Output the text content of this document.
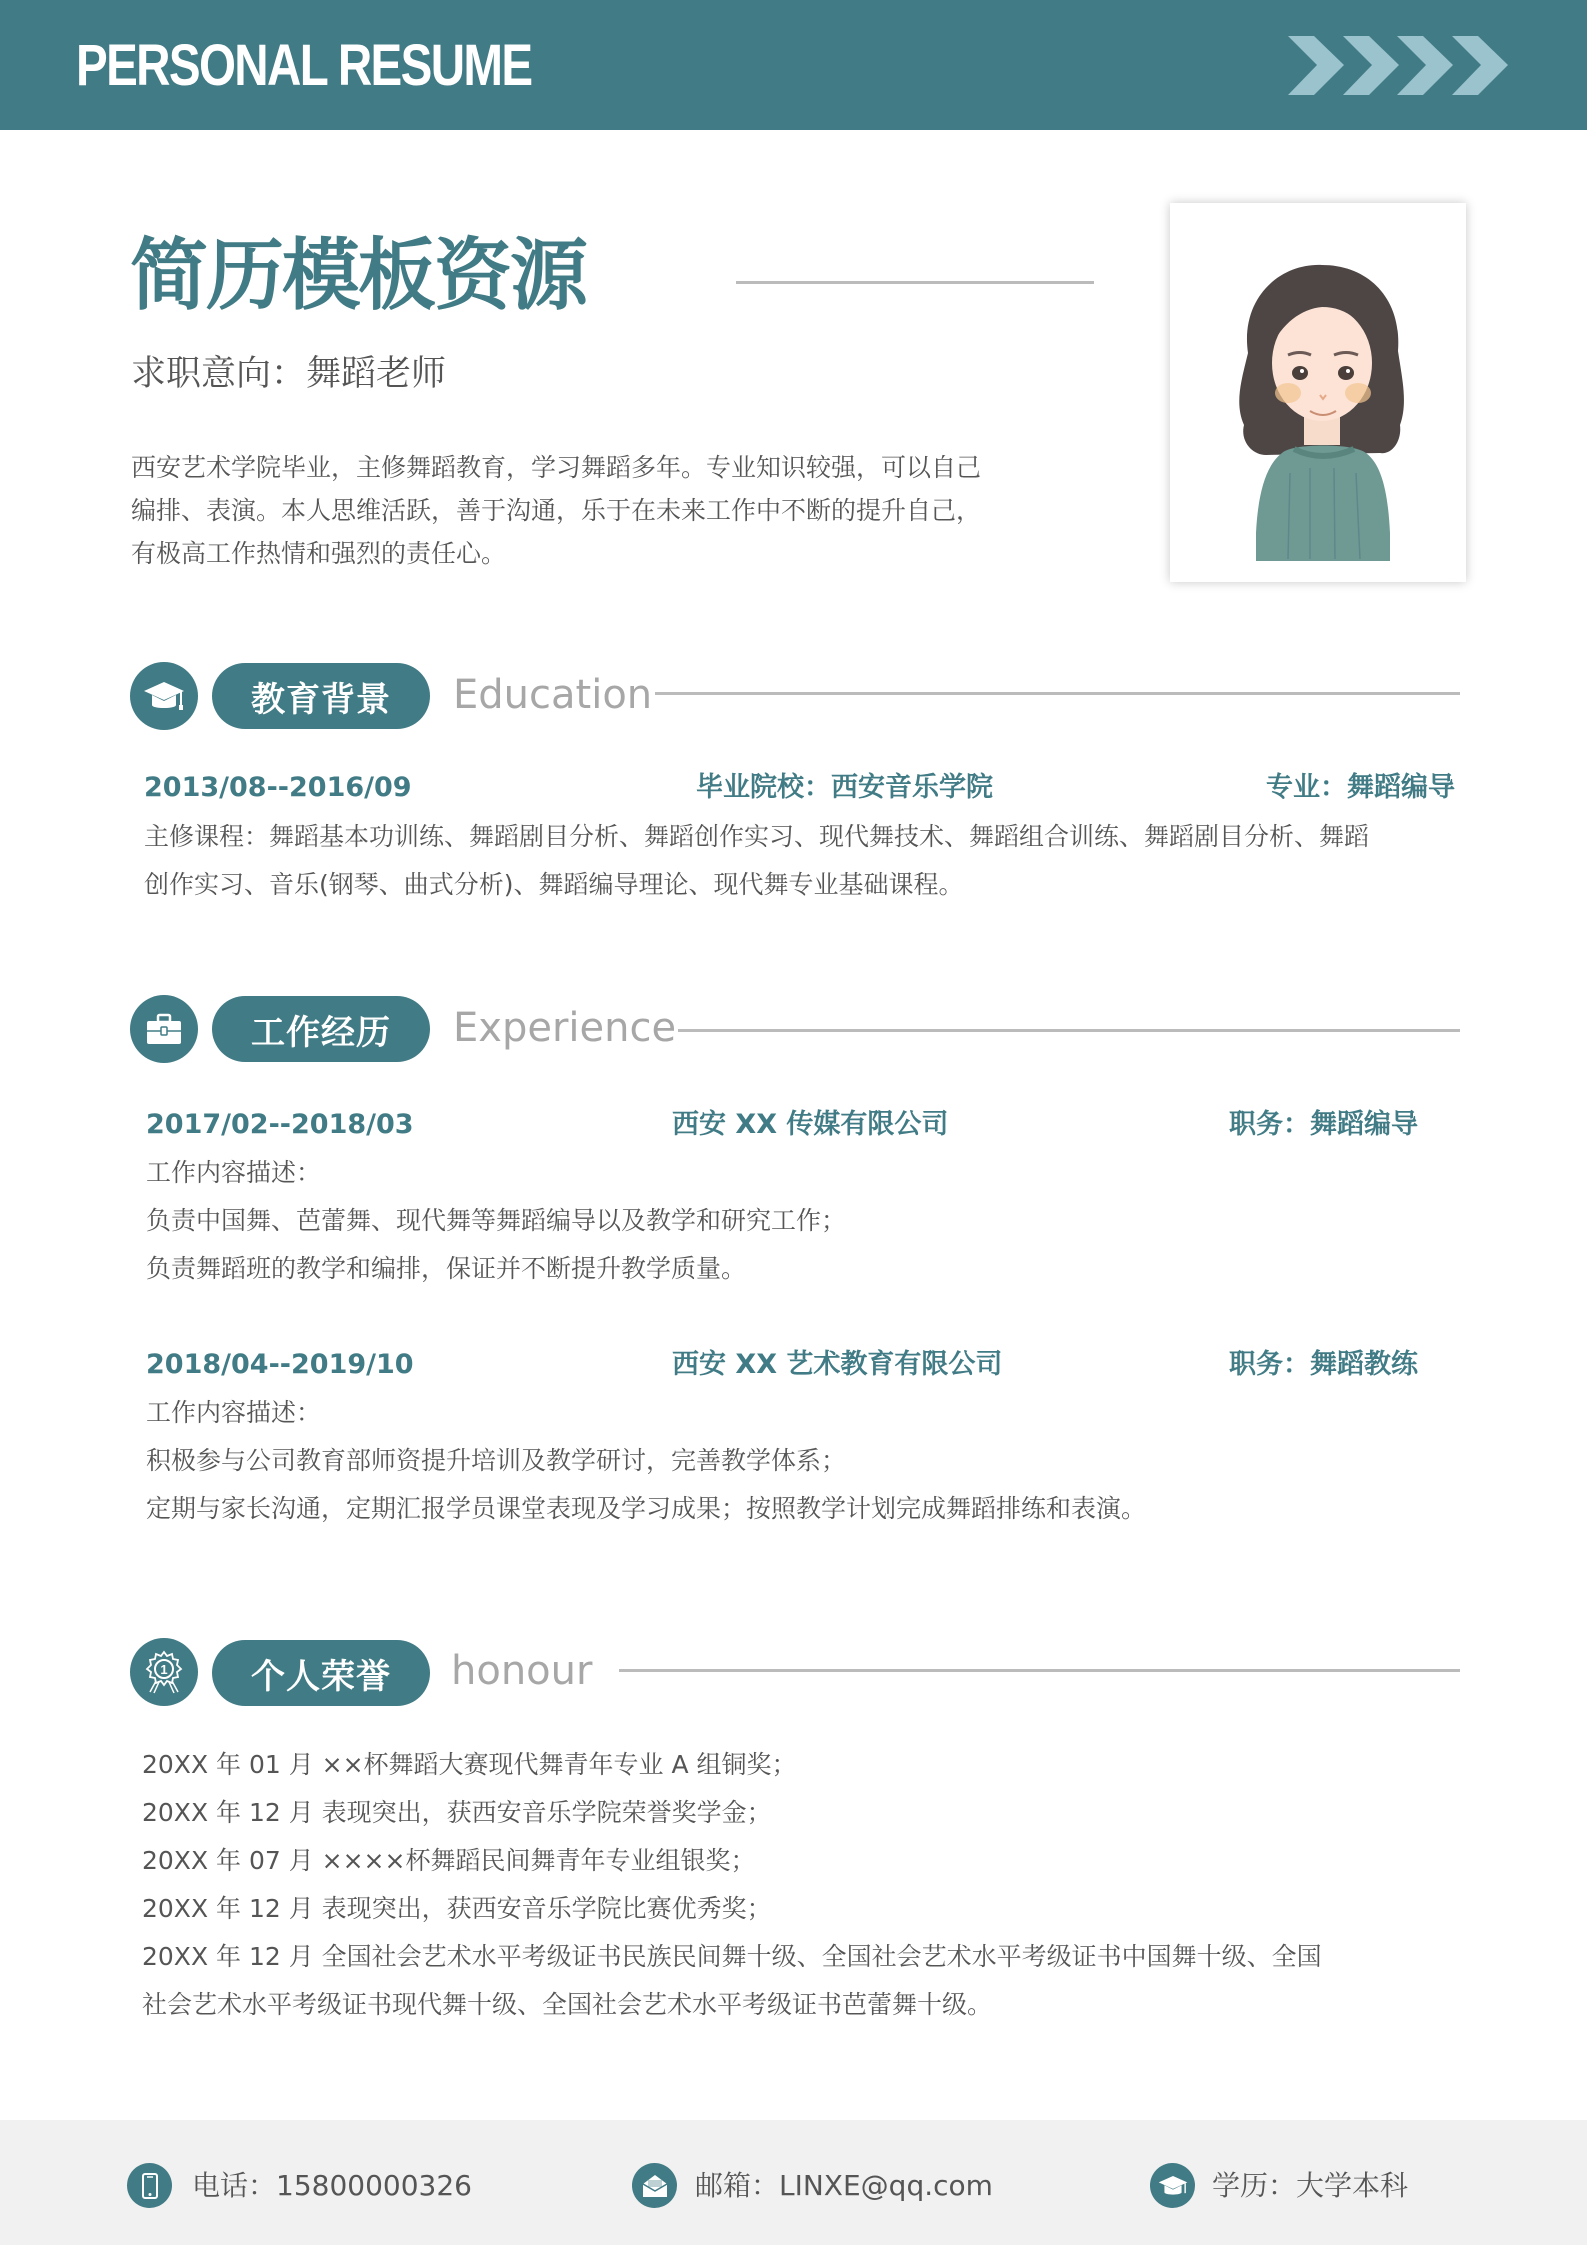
PERSONAL RESUME
简历模板资源
求职意向：舞蹈老师
西安艺术学院毕业，主修舞蹈教育，学习舞蹈多年。专业知识较强，可以自己
编排、表演。本人思维活跃，善于沟通，乐于在未来工作中不断的提升自己，
有极高工作热情和强烈的责任心。
教育背景	Education
2013/08--2016/09	毕业院校：西安音乐学院	专业：舞蹈编导
主修课程：舞蹈基本功训练、舞蹈剧目分析、舞蹈创作实习、现代舞技术、舞蹈组合训练、舞蹈剧目分析、舞蹈
创作实习、音乐(钢琴、曲式分析)、舞蹈编导理论、现代舞专业基础课程。
工作经历	Experience
2017/02--2018/03	西安 XX 传媒有限公司	职务：舞蹈编导
工作内容描述：
负责中国舞、芭蕾舞、现代舞等舞蹈编导以及教学和研究工作；
负责舞蹈班的教学和编排，保证并不断提升教学质量。
2018/04--2019/10	西安 XX 艺术教育有限公司	职务：舞蹈教练
工作内容描述：
积极参与公司教育部师资提升培训及教学研讨，完善教学体系；
定期与家长沟通，定期汇报学员课堂表现及学习成果；按照教学计划完成舞蹈排练和表演。
1	个人荣誉	honour
20XX 年 01 月 ××杯舞蹈大赛现代舞青年专业 A 组铜奖；
20XX 年 12 月 表现突出，获西安音乐学院荣誉奖学金；
20XX 年 07 月 ××××杯舞蹈民间舞青年专业组银奖；
20XX 年 12 月 表现突出，获西安音乐学院比赛优秀奖；
20XX 年 12 月 全国社会艺术水平考级证书民族民间舞十级、全国社会艺术水平考级证书中国舞十级、全国
社会艺术水平考级证书现代舞十级、全国社会艺术水平考级证书芭蕾舞十级。
电话：15800000326	邮箱：LINXE@qq.com	学历：大学本科
